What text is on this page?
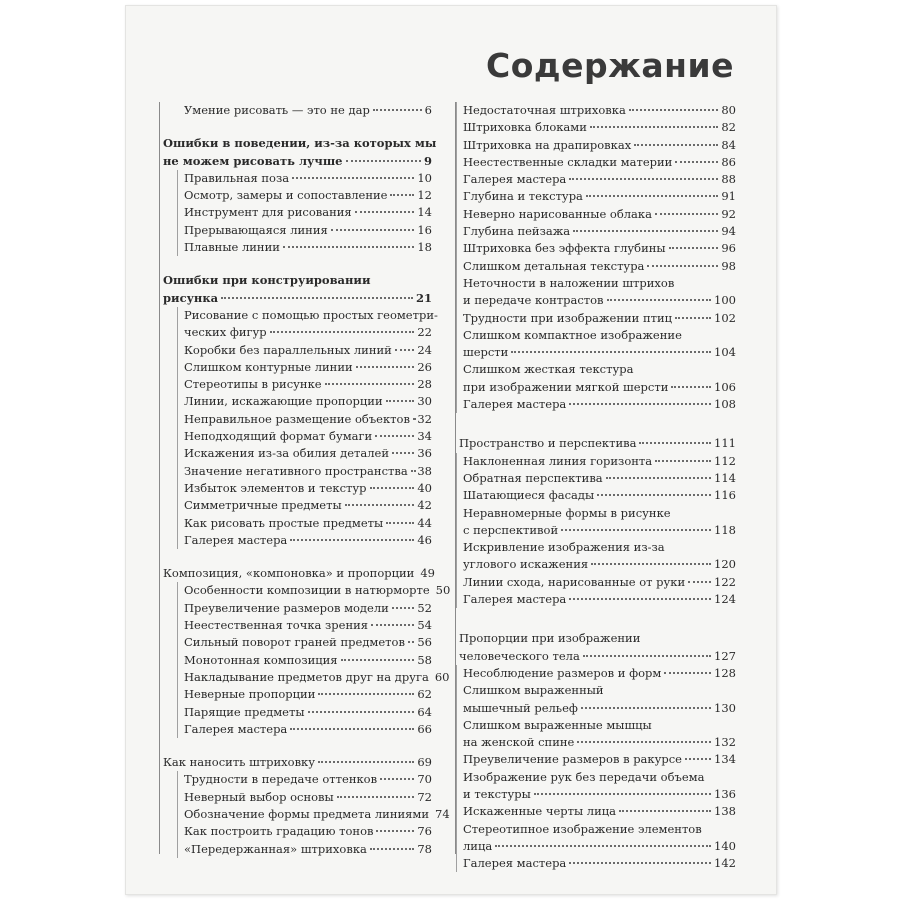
Содержание
Умение рисовать — это не дар	6
Ошибки в поведении, из-за которых мы
не можем рисовать лучше	9
Правильная поза	10
Осмотр, замеры и сопоставление	12
Инструмент для рисования	14
Прерывающаяся линия	16
Плавные линии	18
Ошибки при конструировании
рисунка	21
Рисование с помощью простых геометри-
ческих фигур	22
Коробки без параллельных линий 24
Слишком контурные линии	26
Стереотипы в рисунке	28
Линии, искажающие пропорции	30
Неправильное размещение объектов 32
Неподходящий формат бумаги	34
Искажения из-за обилия деталей 36
Значение негативного пространства 38
Избыток элементов и текстур	40
Симметричные предметы	42
Как рисовать простые предметы	44
Галерея мастера	46
Композиция, «компоновка» и пропорции 49
Особенности композиции в натюрморте 50
Преувеличение размеров модели 52
Неестественная точка зрения	54
Сильный поворот граней предметов 56
Монотонная композиция	58
Накладывание предметов друг на друга 60
Неверные пропорции	62
Парящие предметы	64
Галерея мастера	66
Как наносить штриховку	69
Трудности в передаче оттенков	70
Неверный выбор основы	72
Обозначение формы предмета линиями 74
Как построить градацию тонов	76
«Передержанная» штриховка	78
Недостаточная штриховка	80
Штриховка блоками	82
Штриховка на драпировках	84
Неестественные складки материи	86
Галерея мастера	88
Глубина и текстура	91
Неверно нарисованные облака	92
Глубина пейзажа	94
Штриховка без эффекта глубины	96
Слишком детальная текстура	98
Неточности в наложении штрихов
и передаче контрастов	100
Трудности при изображении птиц	102
Слишком компактное изображение
шерсти	104
Слишком жесткая текстура
при изображении мягкой шерсти	106
Галерея мастера	108
Пространство и перспектива	111
Наклоненная линия горизонта	112
Обратная перспектива	114
Шатающиеся фасады	116
Неравномерные формы в рисунке
с перспективой	118
Искривление изображения из-за
углового искажения	120
Линии схода, нарисованные от руки	122
Галерея мастера	124
Пропорции при изображении
человеческого тела	127
Несоблюдение размеров и форм	128
Слишком выраженный
мышечный рельеф	130
Слишком выраженные мышцы
на женской спине	132
Преувеличение размеров в ракурсе	134
Изображение рук без передачи объема
и текстуры	136
Искаженные черты лица	138
Стереотипное изображение элементов
лица	140
Галерея мастера	142
